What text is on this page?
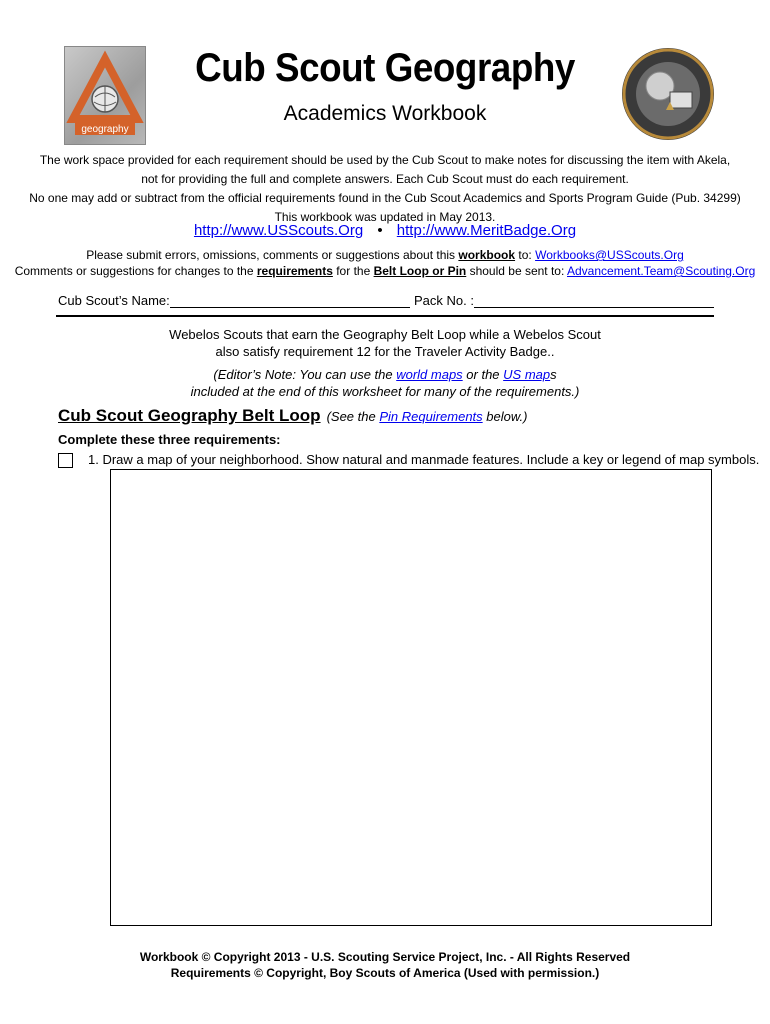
geography
Cub Scout Geography
Academics Workbook
The work space provided for each requirement should be used by the Cub Scout to make notes for discussing the item with Akela,
not for providing the full and complete answers. Each Cub Scout must do each requirement.
No one may add or subtract from the official requirements found in the Cub Scout Academics and Sports Program Guide (Pub. 34299)
This workbook was updated in May 2013.
http://www.USScouts.Org • http://www.MeritBadge.Org
Please submit errors, omissions, comments or suggestions about this workbook to: Workbooks@USScouts.Org
Comments or suggestions for changes to the requirements for the Belt Loop or Pin should be sent to: Advancement.Team@Scouting.Org
Cub Scout’s Name:	Pack No. :
Webelos Scouts that earn the Geography Belt Loop while a Webelos Scout
also satisfy requirement 12 for the Traveler Activity Badge..
(Editor’s Note: You can use the world maps or the US maps
included at the end of this worksheet for many of the requirements.)
Cub Scout Geography Belt Loop (See the Pin Requirements below.)
Complete these three requirements:
1. Draw a map of your neighborhood. Show natural and manmade features. Include a key or legend of map symbols.
Workbook © Copyright 2013 - U.S. Scouting Service Project, Inc. - All Rights Reserved
Requirements © Copyright, Boy Scouts of America (Used with permission.)
